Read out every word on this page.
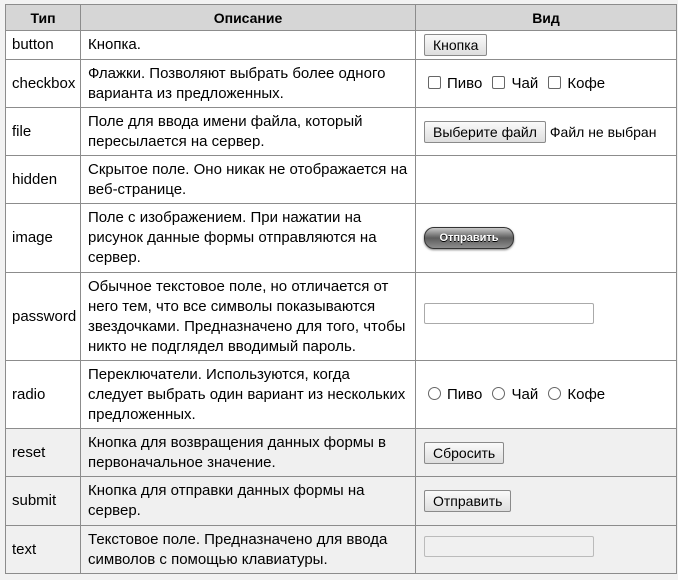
Тип	Описание	Вид
button	Кнопка.	Кнопка
checkbox	Флажки. Позволяют выбрать более одного варианта из предложенных.	Пиво Чай Кофе
file	Поле для ввода имени файла, который пересылается на сервер.	Выберите файл Файл не выбран
hidden	Скрытое поле. Оно никак не отображается на веб-странице.	
image	Поле с изображением. При нажатии на рисунок данные формы отправляются на сервер.	Отправить
password	Обычное текстовое поле, но отличается от него тем, что все символы показываются звездочками. Предназначено для того, чтобы никто не подглядел вводимый пароль.	
radio	Переключатели. Используются, когда следует выбрать один вариант из нескольких предложенных.	Пиво Чай Кофе
reset	Кнопка для возвращения данных формы в первоначальное значение.	Сбросить
submit	Кнопка для отправки данных формы на сервер.	Отправить
text	Текстовое поле. Предназначено для ввода символов с помощью клавиатуры.	
